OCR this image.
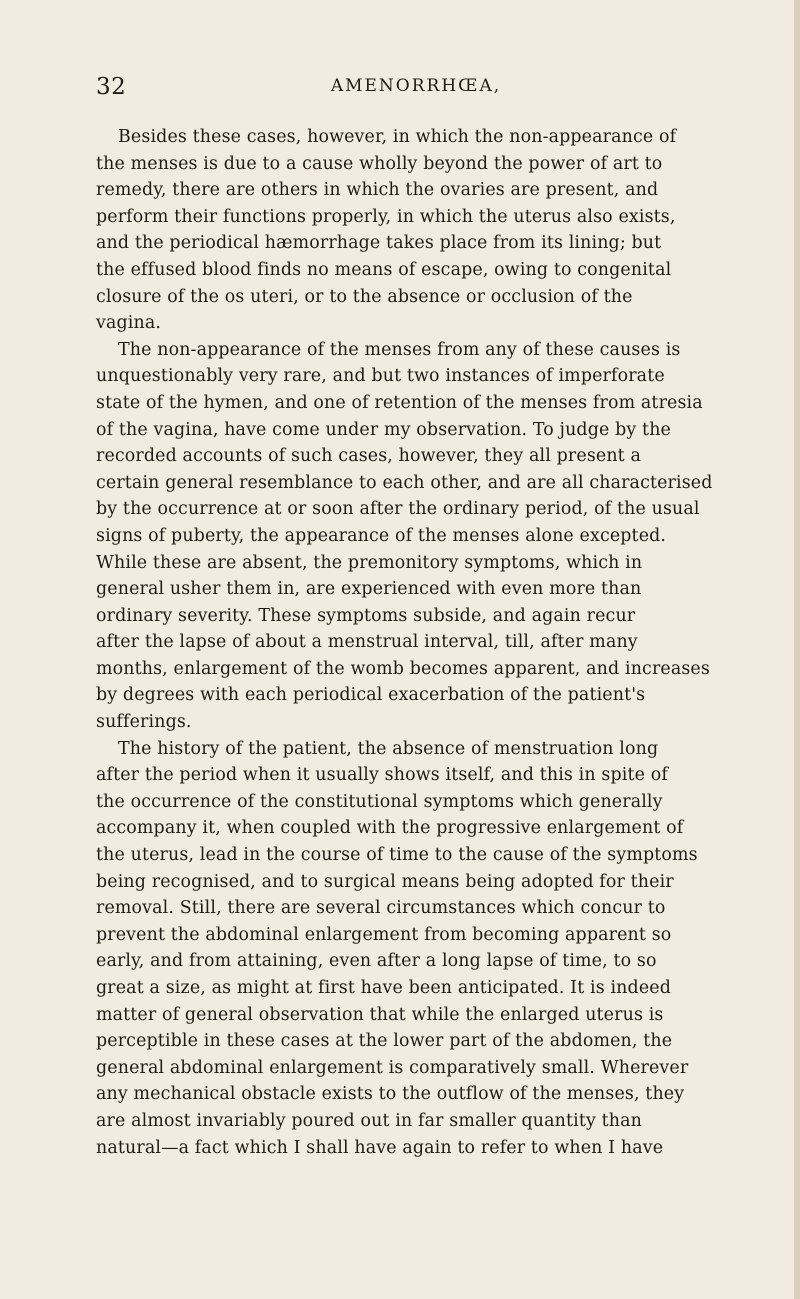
32	AMENORRHŒA,
Besides these cases, however, in which the non-appearance of
the menses is due to a cause wholly beyond the power of art to
remedy, there are others in which the ovaries are present, and
perform their functions properly, in which the uterus also exists,
and the periodical hæmorrhage takes place from its lining; but
the effused blood finds no means of escape, owing to congenital
closure of the os uteri, or to the absence or occlusion of the
vagina.
The non-appearance of the menses from any of these causes is
unquestionably very rare, and but two instances of imperforate
state of the hymen, and one of retention of the menses from atresia
of the vagina, have come under my observation. To judge by the
recorded accounts of such cases, however, they all present a
certain general resemblance to each other, and are all characterised
by the occurrence at or soon after the ordinary period, of the usual
signs of puberty, the appearance of the menses alone excepted.
While these are absent, the premonitory symptoms, which in
general usher them in, are experienced with even more than
ordinary severity. These symptoms subside, and again recur
after the lapse of about a menstrual interval, till, after many
months, enlargement of the womb becomes apparent, and increases
by degrees with each periodical exacerbation of the patient's
sufferings.
The history of the patient, the absence of menstruation long
after the period when it usually shows itself, and this in spite of
the occurrence of the constitutional symptoms which generally
accompany it, when coupled with the progressive enlargement of
the uterus, lead in the course of time to the cause of the symptoms
being recognised, and to surgical means being adopted for their
removal. Still, there are several circumstances which concur to
prevent the abdominal enlargement from becoming apparent so
early, and from attaining, even after a long lapse of time, to so
great a size, as might at first have been anticipated. It is indeed
matter of general observation that while the enlarged uterus is
perceptible in these cases at the lower part of the abdomen, the
general abdominal enlargement is comparatively small. Wherever
any mechanical obstacle exists to the outflow of the menses, they
are almost invariably poured out in far smaller quantity than
natural—a fact which I shall have again to refer to when I have
